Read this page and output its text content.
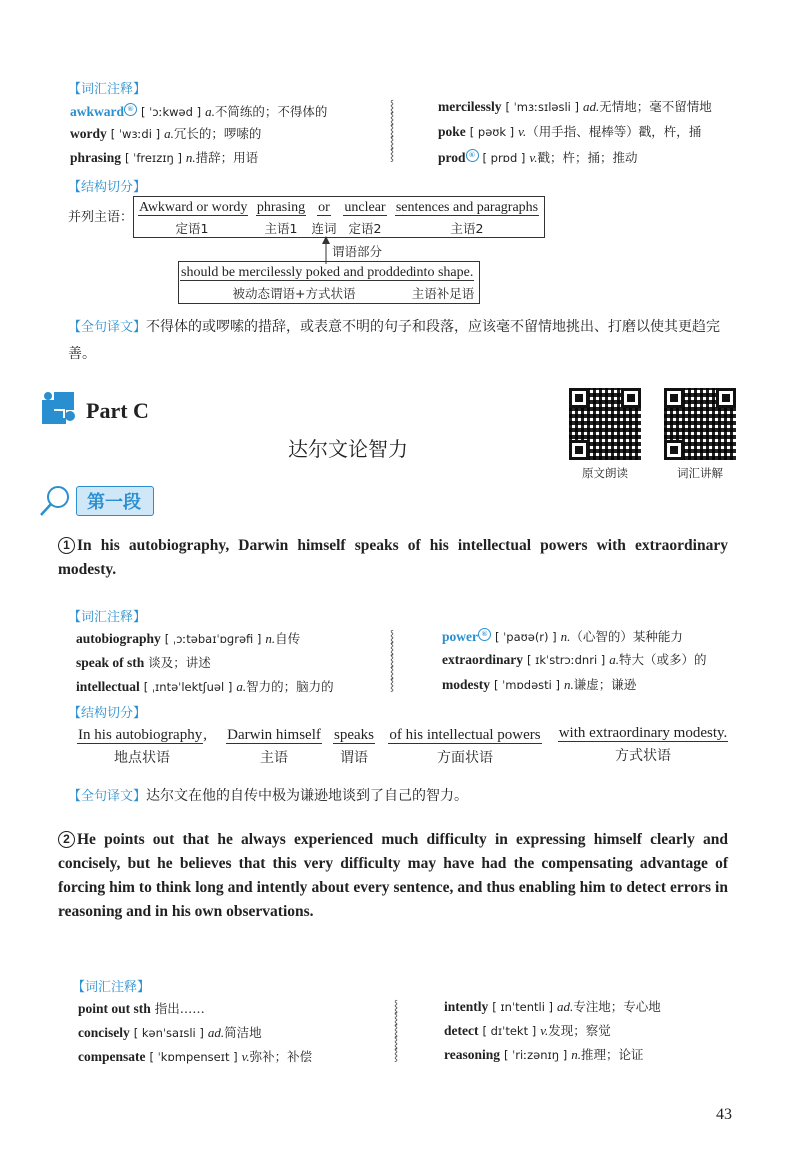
【词汇注释】
awkward ⑥ [ ˈɔːkwəd ] a.不简练的；不得体的
wordy [ ˈwɜːdi ] a.冗长的；啰嗦的
phrasing [ ˈfreɪzɪŋ ] n.措辞；用语
⸾
⸾
⸾
⸾
⸾
mercilessly [ ˈmɜːsɪləsli ] ad.无情地；毫不留情地
poke [ pəʊk ] v.（用手指、棍棒等）戳，杵，捅
prod ⑥ [ prɒd ] v.戳；杵；捅；推动
【结构切分】
并列主语：
Awkward or wordy
定语1
phrasing
主语1
or
连词
unclear
定语2
sentences and paragraphs
主语2
谓语部分
should be mercilessly poked and prodded
被动态谓语+方式状语
into shape.
主语补足语
【全句译文】不得体的或啰嗦的措辞，或表意不明的句子和段落，应该毫不留情地挑出、打磨以使其更趋完善。
Part C
达尔文论智力
原文朗读	词汇讲解
第一段
1 In his autobiography, Darwin himself speaks of his intellectual powers with extraordinary modesty.
【词汇注释】
autobiography [ ˌɔːtəbaɪˈɒɡrəfi ] n.自传
speak of sth 谈及；讲述
intellectual [ ˌɪntəˈlektʃuəl ] a.智力的；脑力的
⸾
⸾
⸾
⸾
⸾
power ⑥ [ ˈpaʊə(r) ] n.（心智的）某种能力
extraordinary [ ɪkˈstrɔːdnri ] a.特大（或多）的
modesty [ ˈmɒdəsti ] n.谦虚；谦逊
【结构切分】
In his autobiography,
地点状语
Darwin himself
主语
speaks
谓语
of his intellectual powers
方面状语
with extraordinary modesty.
方式状语
【全句译文】达尔文在他的自传中极为谦逊地谈到了自己的智力。
2 He points out that he always experienced much difficulty in expressing himself clearly and concisely, but he believes that this very difficulty may have had the compensating advantage of forcing him to think long and intently about every sentence, and thus enabling him to detect errors in reasoning and in his own observations.
【词汇注释】
point out sth 指出……
concisely [ kənˈsaɪsli ] ad.简洁地
compensate [ ˈkɒmpenseɪt ] v.弥补；补偿
⸾
⸾
⸾
⸾
⸾
intently [ ɪnˈtentli ] ad.专注地；专心地
detect [ dɪˈtekt ] v.发现；察觉
reasoning [ ˈriːzənɪŋ ] n.推理；论证
43
